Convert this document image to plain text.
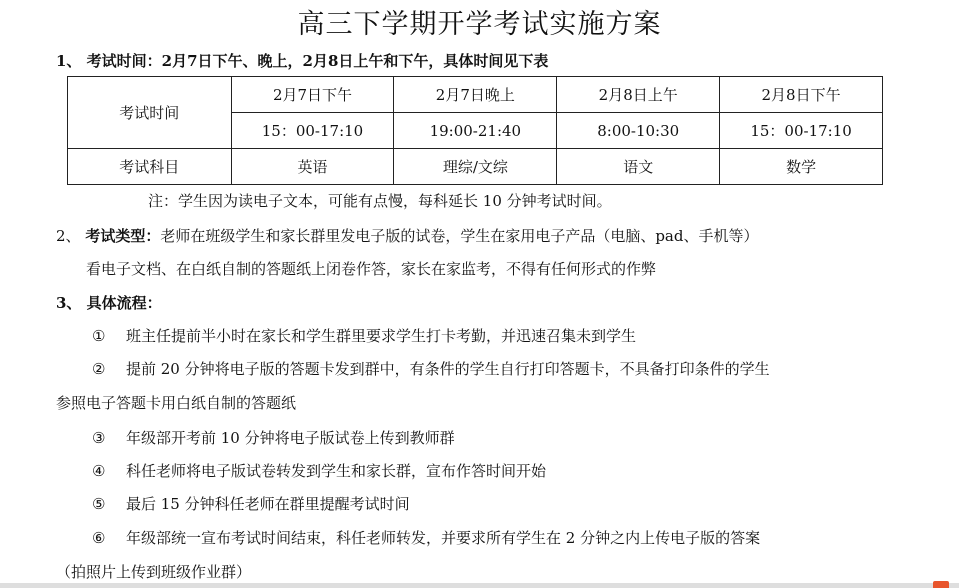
高三下学期开学考试实施方案
1、 考试时间：2月7日下午、晚上，2月8日上午和下午，具体时间见下表
考试时间	2月7日下午	2月7日晚上	2月8日上午	2月8日下午
	15：00-17:10	19:00-21:40	8:00-10:30	15：00-17:10
考试科目	英语	理综/文综	语文	数学
注：学生因为读电子文本，可能有点慢，每科延长 10 分钟考试时间。
2、 考试类型：老师在班级学生和家长群里发电子版的试卷，学生在家用电子产品（电脑、pad、手机等）
看电子文档、在白纸自制的答题纸上闭卷作答，家长在家监考，不得有任何形式的作弊
3、 具体流程：
① 班主任提前半小时在家长和学生群里要求学生打卡考勤，并迅速召集未到学生
② 提前 20 分钟将电子版的答题卡发到群中，有条件的学生自行打印答题卡，不具备打印条件的学生
参照电子答题卡用白纸自制的答题纸
③ 年级部开考前 10 分钟将电子版试卷上传到教师群
④ 科任老师将电子版试卷转发到学生和家长群，宣布作答时间开始
⑤ 最后 15 分钟科任老师在群里提醒考试时间
⑥ 年级部统一宣布考试时间结束，科任老师转发，并要求所有学生在 2 分钟之内上传电子版的答案
（拍照片上传到班级作业群）
